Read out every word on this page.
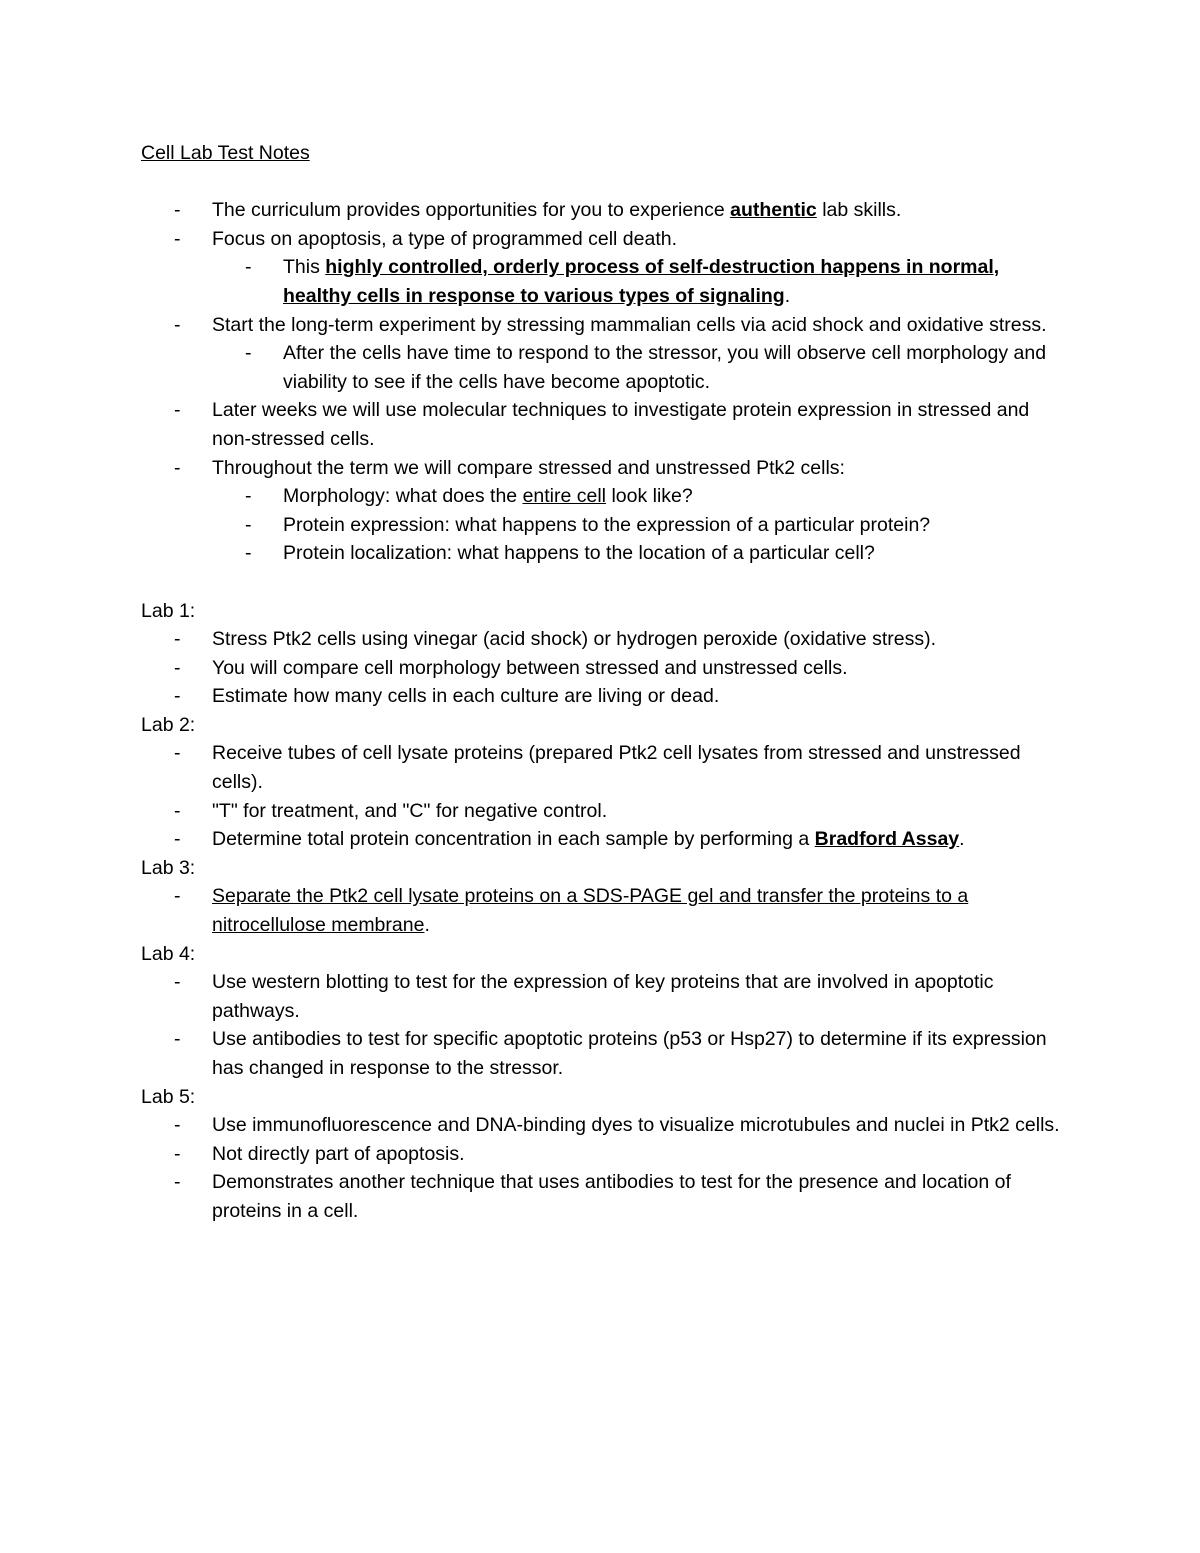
Cell Lab Test Notes
- The curriculum provides opportunities for you to experience authentic lab skills.
- Focus on apoptosis, a type of programmed cell death.
- This highly controlled, orderly process of self-destruction happens in normal, healthy cells in response to various types of signaling.
- Start the long-term experiment by stressing mammalian cells via acid shock and oxidative stress.
- After the cells have time to respond to the stressor, you will observe cell morphology and viability to see if the cells have become apoptotic.
- Later weeks we will use molecular techniques to investigate protein expression in stressed and non-stressed cells.
- Throughout the term we will compare stressed and unstressed Ptk2 cells:
- Morphology: what does the entire cell look like?
- Protein expression: what happens to the expression of a particular protein?
- Protein localization: what happens to the location of a particular cell?
Lab 1:
- Stress Ptk2 cells using vinegar (acid shock) or hydrogen peroxide (oxidative stress).
- You will compare cell morphology between stressed and unstressed cells.
- Estimate how many cells in each culture are living or dead.
Lab 2:
- Receive tubes of cell lysate proteins (prepared Ptk2 cell lysates from stressed and unstressed cells).
- "T" for treatment, and "C" for negative control.
- Determine total protein concentration in each sample by performing a Bradford Assay.
Lab 3:
- Separate the Ptk2 cell lysate proteins on a SDS-PAGE gel and transfer the proteins to a nitrocellulose membrane.
Lab 4:
- Use western blotting to test for the expression of key proteins that are involved in apoptotic pathways.
- Use antibodies to test for specific apoptotic proteins (p53 or Hsp27) to determine if its expression has changed in response to the stressor.
Lab 5:
- Use immunofluorescence and DNA-binding dyes to visualize microtubules and nuclei in Ptk2 cells.
- Not directly part of apoptosis.
- Demonstrates another technique that uses antibodies to test for the presence and location of proteins in a cell.
